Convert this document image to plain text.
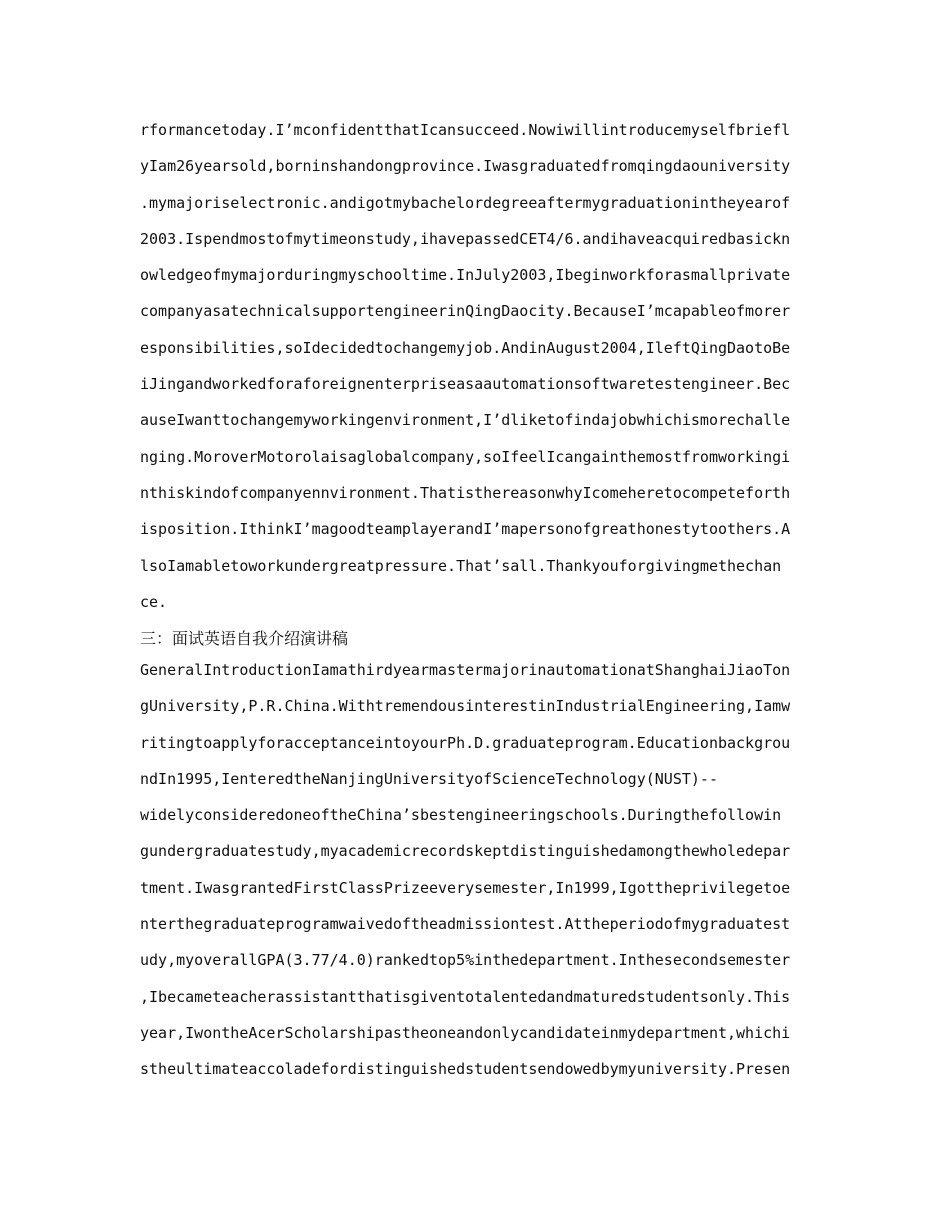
rformancetoday.I’mconfidentthatIcansucceed.Nowiwillintroducemyselfbriefl
yIam26yearsold,borninshandongprovince.Iwasgraduatedfromqingdaouniversity
.mymajoriselectronic.andigotmybachelordegreeaftermygraduationintheyearof
2003.Ispendmostofmytimeonstudy,ihavepassedCET4/6.andihaveacquiredbasickn
owledgeofmymajorduringmyschooltime.InJuly2003,Ibeginworkforasmallprivate
companyasatechnicalsupportengineerinQingDaocity.BecauseI’mcapableofmorer
esponsibilities,soIdecidedtochangemyjob.AndinAugust2004,IleftQingDaotoBe
iJingandworkedforaforeignenterpriseasaautomationsoftwaretestengineer.Bec
auseIwanttochangemyworkingenvironment,I’dliketofindajobwhichismorechalle
nging.MoroverMotorolaisaglobalcompany,soIfeelIcangainthemostfromworkingi
nthiskindofcompanyennvironment.ThatisthereasonwhyIcomeheretocompeteforth
isposition.IthinkI’magoodteamplayerandI’mapersonofgreathonestytoothers.A
lsoIamabletoworkundergreatpressure.That’sall.Thankyouforgivingmethechan
ce.
三：面试英语自我介绍演讲稿
GeneralIntroductionIamathirdyearmastermajorinautomationatShanghaiJiaoTon
gUniversity,P.R.China.WithtremendousinterestinIndustrialEngineering,Iamw
ritingtoapplyforacceptanceintoyourPh.D.graduateprogram.Educationbackgrou
ndIn1995,IenteredtheNanjingUniversityofScienceTechnology(NUST)--
widelyconsideredoneoftheChina’sbestengineeringschools.Duringthefollowin
gundergraduatestudy,myacademicrecordskeptdistinguishedamongthewholedepar
tment.IwasgrantedFirstClassPrizeeverysemester,In1999,Igottheprivilegetoe
nterthegraduateprogramwaivedoftheadmissiontest.Attheperiodofmygraduatest
udy,myoverallGPA(3.77/4.0)rankedtop5%inthedepartment.Inthesecondsemester
,Ibecameteacherassistantthatisgiventotalentedandmaturedstudentsonly.This
year,IwontheAcerScholarshipastheoneandonlycandidateinmydepartment,whichi
stheultimateaccoladefordistinguishedstudentsendowedbymyuniversity.Presen
